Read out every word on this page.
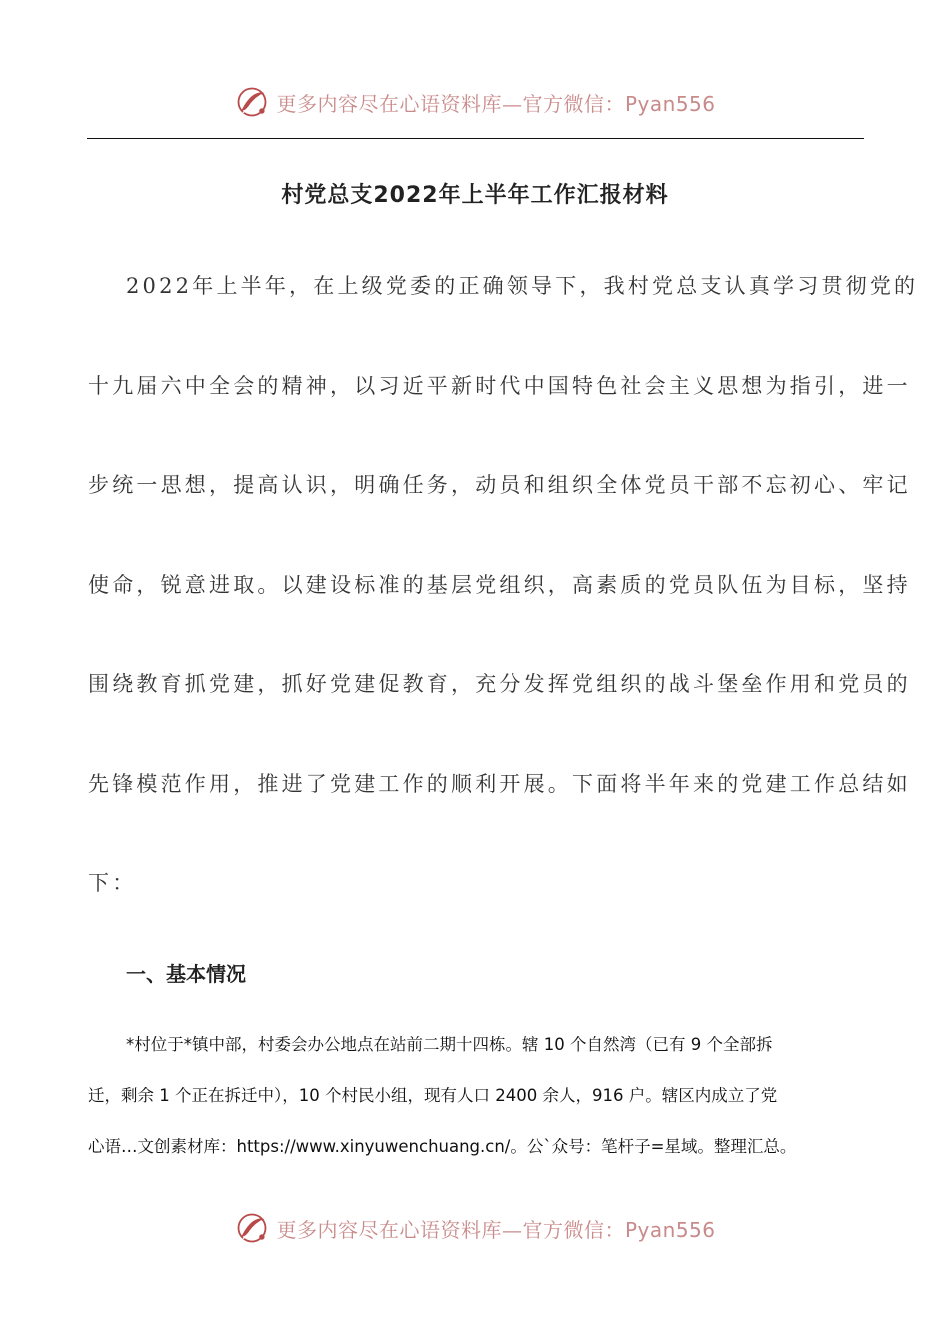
更多内容尽在心语资料库—官方微信：Pyan556
村党总支2022年上半年工作汇报材料
2022年上半年，在上级党委的正确领导下，我村党总支认真学习贯彻党的
十九届六中全会的精神，以习近平新时代中国特色社会主义思想为指引，进一
步统一思想，提高认识，明确任务，动员和组织全体党员干部不忘初心、牢记
使命，锐意进取。以建设标准的基层党组织，高素质的党员队伍为目标，坚持
围绕教育抓党建，抓好党建促教育，充分发挥党组织的战斗堡垒作用和党员的
先锋模范作用，推进了党建工作的顺利开展。下面将半年来的党建工作总结如
下：
一、基本情况
*村位于*镇中部，村委会办公地点在站前二期十四栋。辖 10 个自然湾（已有 9 个全部拆
迁，剩余 1 个正在拆迁中），10 个村民小组，现有人口 2400 余人，916 户。辖区内成立了党
心语…文创素材库：https://www.xinyuwenchuang.cn/。公`众号：笔杆子=星域。整理汇总。
更多内容尽在心语资料库—官方微信：Pyan556
